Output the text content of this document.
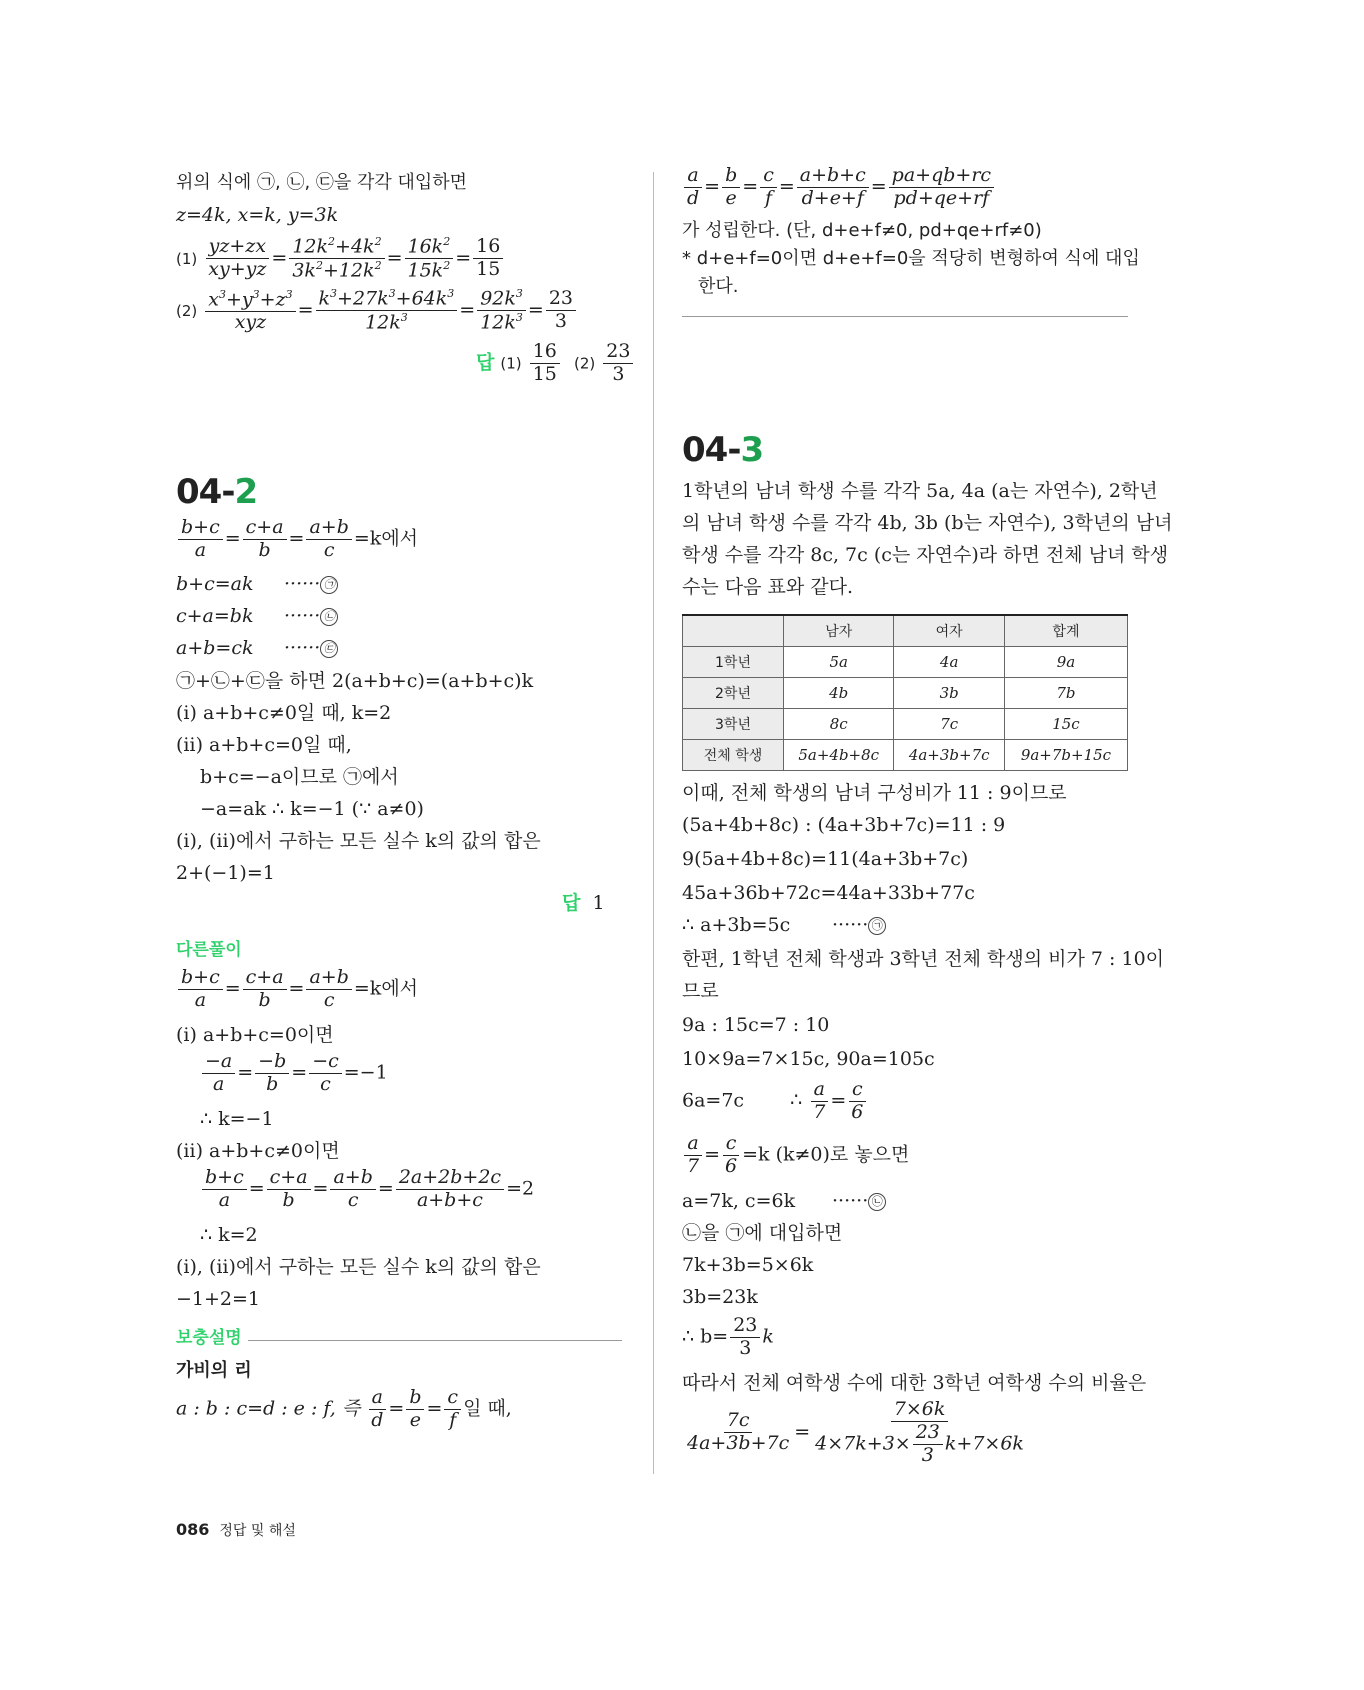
위의 식에 ㉠, ㉡, ㉢을 각각 대입하면
z=4k, x=k, y=3k
$(1) \frac{yz+zx}{xy+yz} = \frac{12k^2+4k^2}{3k^2+12k^2} = \frac{16k^2}{15k^2} = \frac{16}{15}$
$(2) \frac{x^3+y^3+z^3}{\text{xyz}} = \frac{k^3+27k^3+64k^3}{12k^3} = \frac{92k^3}{12k^3} = \frac{23}{3}$
답 $(1) \frac{16}{15} (2) \frac{23}{3}$
04-2
$\frac{b+c}{a} = \frac{c+a}{b} = \frac{a+b}{c} =k$에서
b+c=ak ······ ㉠
c+a=bk ······ ㉡
a+b=ck ······ ㉢
㉠+㉡+㉢을 하면 2(a+b+c)=(a+b+c)k
(ⅰ) a+b+c≠0일 때, k=2
(ⅱ) a+b+c=0일 때,
b+c=−a이므로 ㉠에서
−a=ak ∴ k=−1 (∵ a≠0)
(ⅰ), (ⅱ)에서 구하는 모든 실수 k의 값의 합은
2+(−1)=1
답 1
다른풀이
$\frac{b+c}{a} = \frac{c+a}{b} = \frac{a+b}{c} =k$에서
(ⅰ) a+b+c=0이면
$\frac{-a}{a} = \frac{-b}{b} = \frac{-c}{c} =-1$
∴ k=−1
(ⅱ) a+b+c≠0이면
$\frac{b+c}{a} = \frac{c+a}{b} = \frac{a+b}{c} = \frac{2a+2b+2c}{a+b+c} =2$
∴ k=2
(ⅰ), (ⅱ)에서 구하는 모든 실수 k의 값의 합은
−1+2=1
보충설명
가비의 리
a : b : c=d : e : f, 즉 $\frac{a}{d} = \frac{b}{e} = \frac{c}{f}$ 일 때,
$\frac{a}{d} = \frac{b}{e} = \frac{c}{f} = \frac{a+b+c}{d+e+f} = \frac{pa+qb+rc}{pd+qe+rf}$
가 성립한다. (단, d+e+f≠0, pd+qe+rf≠0)
* d+e+f=0이면 d+e+f=0을 적당히 변형하여 식에 대입
한다.
04-3
1학년의 남녀 학생 수를 각각 5a, 4a (a는 자연수), 2학년
의 남녀 학생 수를 각각 4b, 3b (b는 자연수), 3학년의 남녀
학생 수를 각각 8c, 7c (c는 자연수)라 하면 전체 남녀 학생
수는 다음 표와 같다.
	남자	여자	합계
1학년	5a	4a	9a
2학년	4b	3b	7b
3학년	8c	7c	15c
전체 학생	5a+4b+8c	4a+3b+7c	9a+7b+15c
이때, 전체 학생의 남녀 구성비가 11 : 9이므로
(5a+4b+8c) : (4a+3b+7c)=11 : 9
9(5a+4b+8c)=11(4a+3b+7c)
45a+36b+72c=44a+33b+77c
∴ a+3b=5c ······ ㉠
한편, 1학년 전체 학생과 3학년 전체 학생의 비가 7 : 10이
므로
9a : 15c=7 : 10
10×9a=7×15c, 90a=105c
6a=7c ∴ $\frac{a}{7} = \frac{c}{6}$
$\frac{a}{7} = \frac{c}{6} =k$ (k≠0)로 놓으면
a=7k, c=6k ······ ㉡
㉡을 ㉠에 대입하면
7k+3b=5×6k
3b=23k
∴ $b= \frac{23}{3}$ k
따라서 전체 여학생 수에 대한 3학년 여학생 수의 비율은
$\frac{7c}{4a+3b+7c} = \frac{7\times 6k}{4\times 7k+3\times \frac{23}{3} k+7\times 6k}$
086 정답 및 해설
